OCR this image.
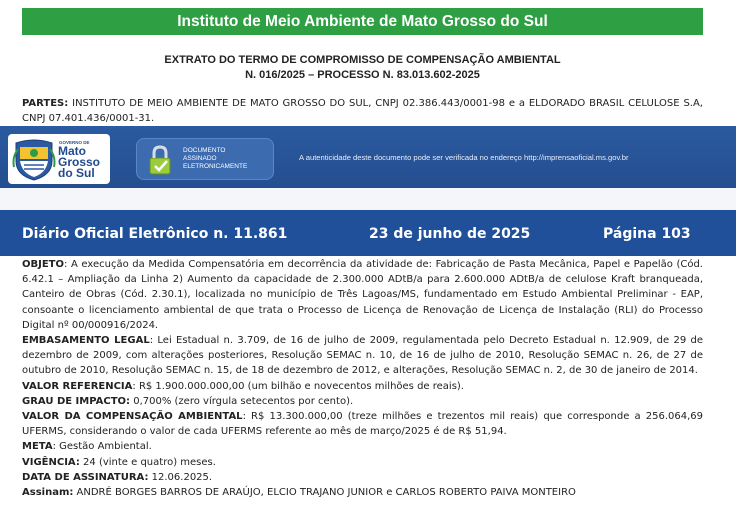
Instituto de Meio Ambiente de Mato Grosso do Sul
EXTRATO DO TERMO DE COMPROMISSO DE COMPENSAÇÃO AMBIENTAL
N. 016/2025 – PROCESSO N. 83.013.602-2025
PARTES: INSTITUTO DE MEIO AMBIENTE DE MATO GROSSO DO SUL, CNPJ 02.386.443/0001-98 e a ELDORADO BRASIL CELULOSE S.A, CNPJ 07.401.436/0001-31.
GOVERNO DE
Mato
Grosso
do Sul
DOCUMENTO
ASSINADO
ELETRONICAMENTE
A autenticidade deste documento pode ser verificada no endereço http://imprensaoficial.ms.gov.br
Diário Oficial Eletrônico n. 11.861	23 de junho de 2025	Página 103

OBJETO: A execução da Medida Compensatória em decorrência da atividade de: Fabricação de Pasta Mecânica, Papel e Papelão (Cód. 6.42.1 – Ampliação da Linha 2) Aumento da capacidade de 2.300.000 ADtB/a para 2.600.000 ADtB/a de celulose Kraft branqueada, Canteiro de Obras (Cód. 2.30.1), localizada no município de Três Lagoas/MS, fundamentado em Estudo Ambiental Preliminar - EAP, consoante o licenciamento ambiental de que trata o Processo de Licença de Renovação de Licença de Instalação (RLI) do Processo Digital nº 00/000916/2024.

EMBASAMENTO LEGAL: Lei Estadual n. 3.709, de 16 de julho de 2009, regulamentada pelo Decreto Estadual n. 12.909, de 29 de dezembro de 2009, com alterações posteriores, Resolução SEMAC n. 10, de 16 de julho de 2010, Resolução SEMAC n. 26, de 27 de outubro de 2010, Resolução SEMAC n. 15, de 18 de dezembro de 2012, e alterações, Resolução SEMAC n. 2, de 30 de janeiro de 2014.

VALOR REFERENCIA: R$ 1.900.000.000,00 (um bilhão e novecentos milhões de reais).

GRAU DE IMPACTO: 0,700% (zero vírgula setecentos por cento).

VALOR DA COMPENSAÇÃO AMBIENTAL: R$ 13.300.000,00 (treze milhões e trezentos mil reais) que corresponde a 256.064,69 UFERMS, considerando o valor de cada UFERMS referente ao mês de março/2025 é de R$ 51,94.

META: Gestão Ambiental.

VIGÊNCIA: 24 (vinte e quatro) meses.

DATA DE ASSINATURA: 12.06.2025.

Assinam: ANDRÉ BORGES BARROS DE ARAÚJO, ELCIO TRAJANO JUNIOR e CARLOS ROBERTO PAIVA MONTEIRO
